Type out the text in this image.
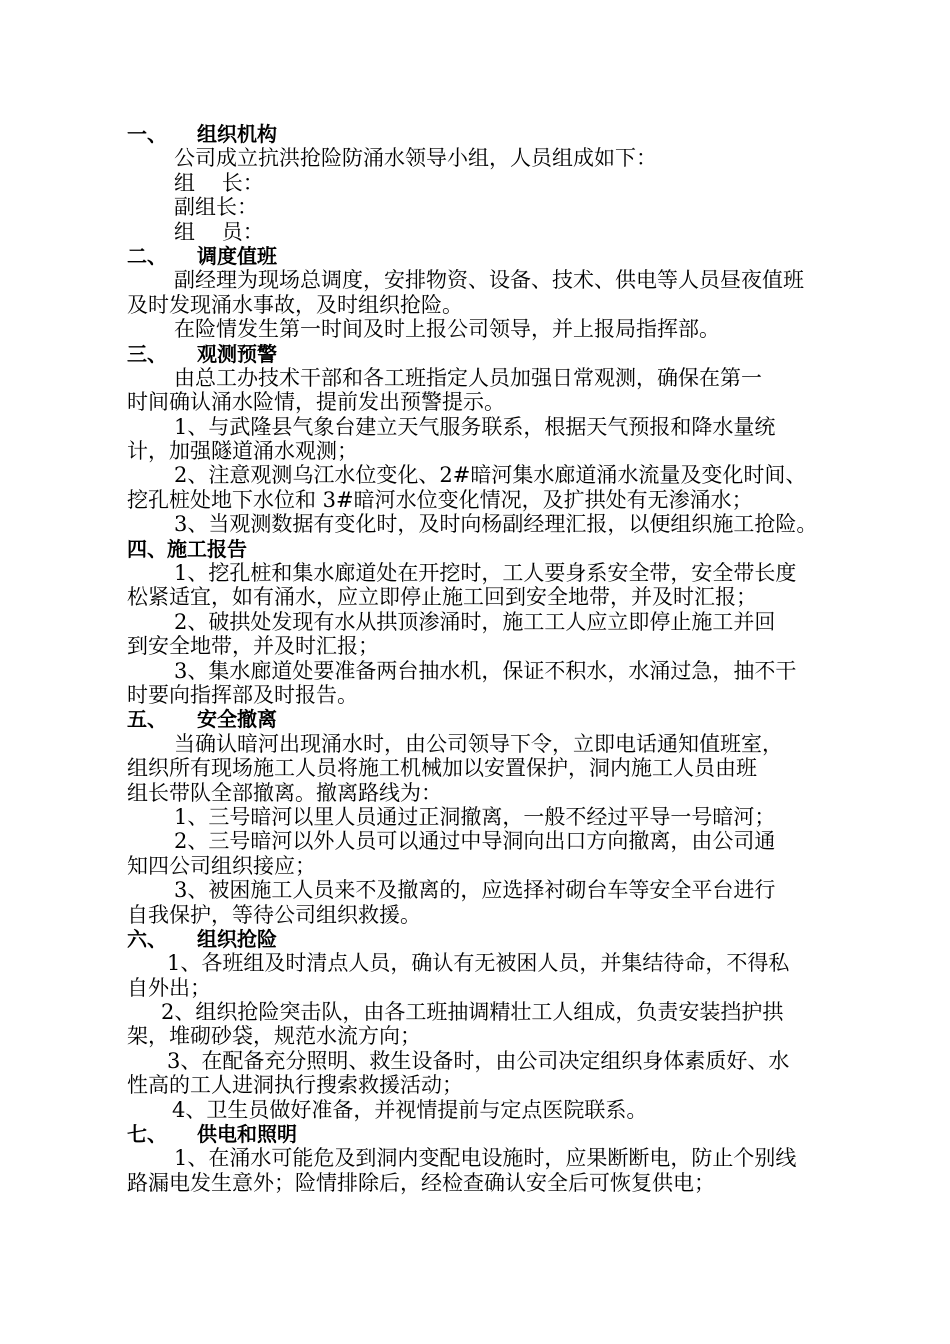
一、 组织机构
公司成立抗洪抢险防涌水领导小组，人员组成如下：
组    长：
副组长：
组    员：
二、 调度值班
副经理为现场总调度，安排物资、设备、技术、供电等人员昼夜值班
及时发现涌水事故，及时组织抢险。
在险情发生第一时间及时上报公司领导，并上报局指挥部。
三、 观测预警
由总工办技术干部和各工班指定人员加强日常观测，确保在第一
时间确认涌水险情，提前发出预警提示。
1、与武隆县气象台建立天气服务联系，根据天气预报和降水量统
计，加强隧道涌水观测；
2、注意观测乌江水位变化、2#暗河集水廊道涌水流量及变化时间、
挖孔桩处地下水位和 3#暗河水位变化情况，及扩拱处有无渗涌水；
3、当观测数据有变化时，及时向杨副经理汇报，以便组织施工抢险。
四、施工报告
1、挖孔桩和集水廊道处在开挖时，工人要身系安全带，安全带长度
松紧适宜，如有涌水，应立即停止施工回到安全地带，并及时汇报；
2、破拱处发现有水从拱顶渗涌时，施工工人应立即停止施工并回
到安全地带，并及时汇报；
3、集水廊道处要准备两台抽水机，保证不积水，水涌过急，抽不干
时要向指挥部及时报告。
五、 安全撤离
当确认暗河出现涌水时，由公司领导下令，立即电话通知值班室，
组织所有现场施工人员将施工机械加以安置保护，洞内施工人员由班
组长带队全部撤离。撤离路线为：
1、三号暗河以里人员通过正洞撤离，一般不经过平导一号暗河；
2、三号暗河以外人员可以通过中导洞向出口方向撤离，由公司通
知四公司组织接应；
3、被困施工人员来不及撤离的，应选择衬砌台车等安全平台进行
自我保护，等待公司组织救援。
六、 组织抢险
1、各班组及时清点人员，确认有无被困人员，并集结待命，不得私
自外出；
2、组织抢险突击队，由各工班抽调精壮工人组成，负责安装挡护拱
架，堆砌砂袋，规范水流方向；
3、在配备充分照明、救生设备时，由公司决定组织身体素质好、水
性高的工人进洞执行搜索救援活动；
4、卫生员做好准备，并视情提前与定点医院联系。
七、 供电和照明
1、在涌水可能危及到洞内变配电设施时，应果断断电，防止个别线
路漏电发生意外；险情排除后，经检查确认安全后可恢复供电；
